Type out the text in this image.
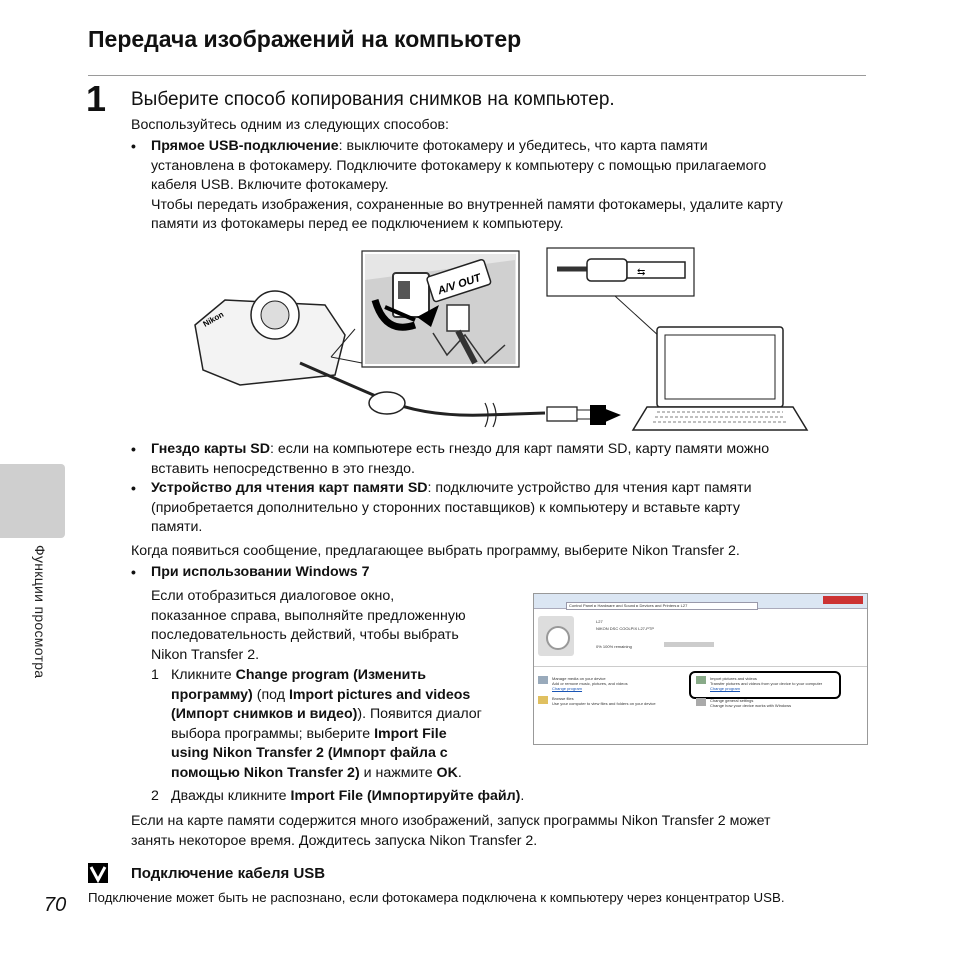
Передача изображений на компьютер
1 Выберите способ копирования снимков на компьютер.
Воспользуйтесь одним из следующих способов:
•	Прямое USB-подключение: выключите фотокамеру и убедитесь, что карта памяти
установлена в фотокамеру. Подключите фотокамеру к компьютеру с помощью прилагаемого
кабеля USB. Включите фотокамеру.
Чтобы передать изображения, сохраненные во внутренней памяти фотокамеры, удалите карту
памяти из фотокамеры перед ее подключением к компьютеру.
A/V OUT	⇆
Nikon
•	Гнездо карты SD: если на компьютере есть гнездо для карт памяти SD, карту памяти можно
вставить непосредственно в это гнездо.
•	Устройство для чтения карт памяти SD: подключите устройство для чтения карт памяти
(приобретается дополнительно у сторонних поставщиков) к компьютеру и вставьте карту
памяти.
Когда появиться сообщение, предлагающее выбрать программу, выберите Nikon Transfer 2.
•	При использовании Windows 7
Если отобразиться диалоговое окно,
показанное справа, выполняйте предложенную
последовательность действий, чтобы выбрать
Nikon Transfer 2.
1 Кликните Change program (Изменить
программу) (под Import pictures and videos
(Импорт снимков и видео)). Появится диалог
выбора программы; выберите Import File
using Nikon Transfer 2 (Импорт файла с
помощью Nikon Transfer 2) и нажмите OK.
2 Дважды кликните Import File (Импортируйте файл).
Control Panel ▸ Hardware and Sound ▸ Devices and Printers ▸ L27
L27
NIKON DSC COOLPIX L27-PTP
0% 100% remaining
Manage media on your device
Add or remove music, pictures, and videos
Change program
Browse files
Use your computer to view files and folders on your device
Import pictures and videos
Transfer pictures and videos from your device to your computer
Change program
Change general settings
Change how your device works with Windows
Если на карте памяти содержится много изображений, запуск программы Nikon Transfer 2 может
занять некоторое время. Дождитесь запуска Nikon Transfer 2.
Подключение кабеля USB
Подключение может быть не распознано, если фотокамера подключена к компьютеру через концентратор USB.
Функции просмотра
70
